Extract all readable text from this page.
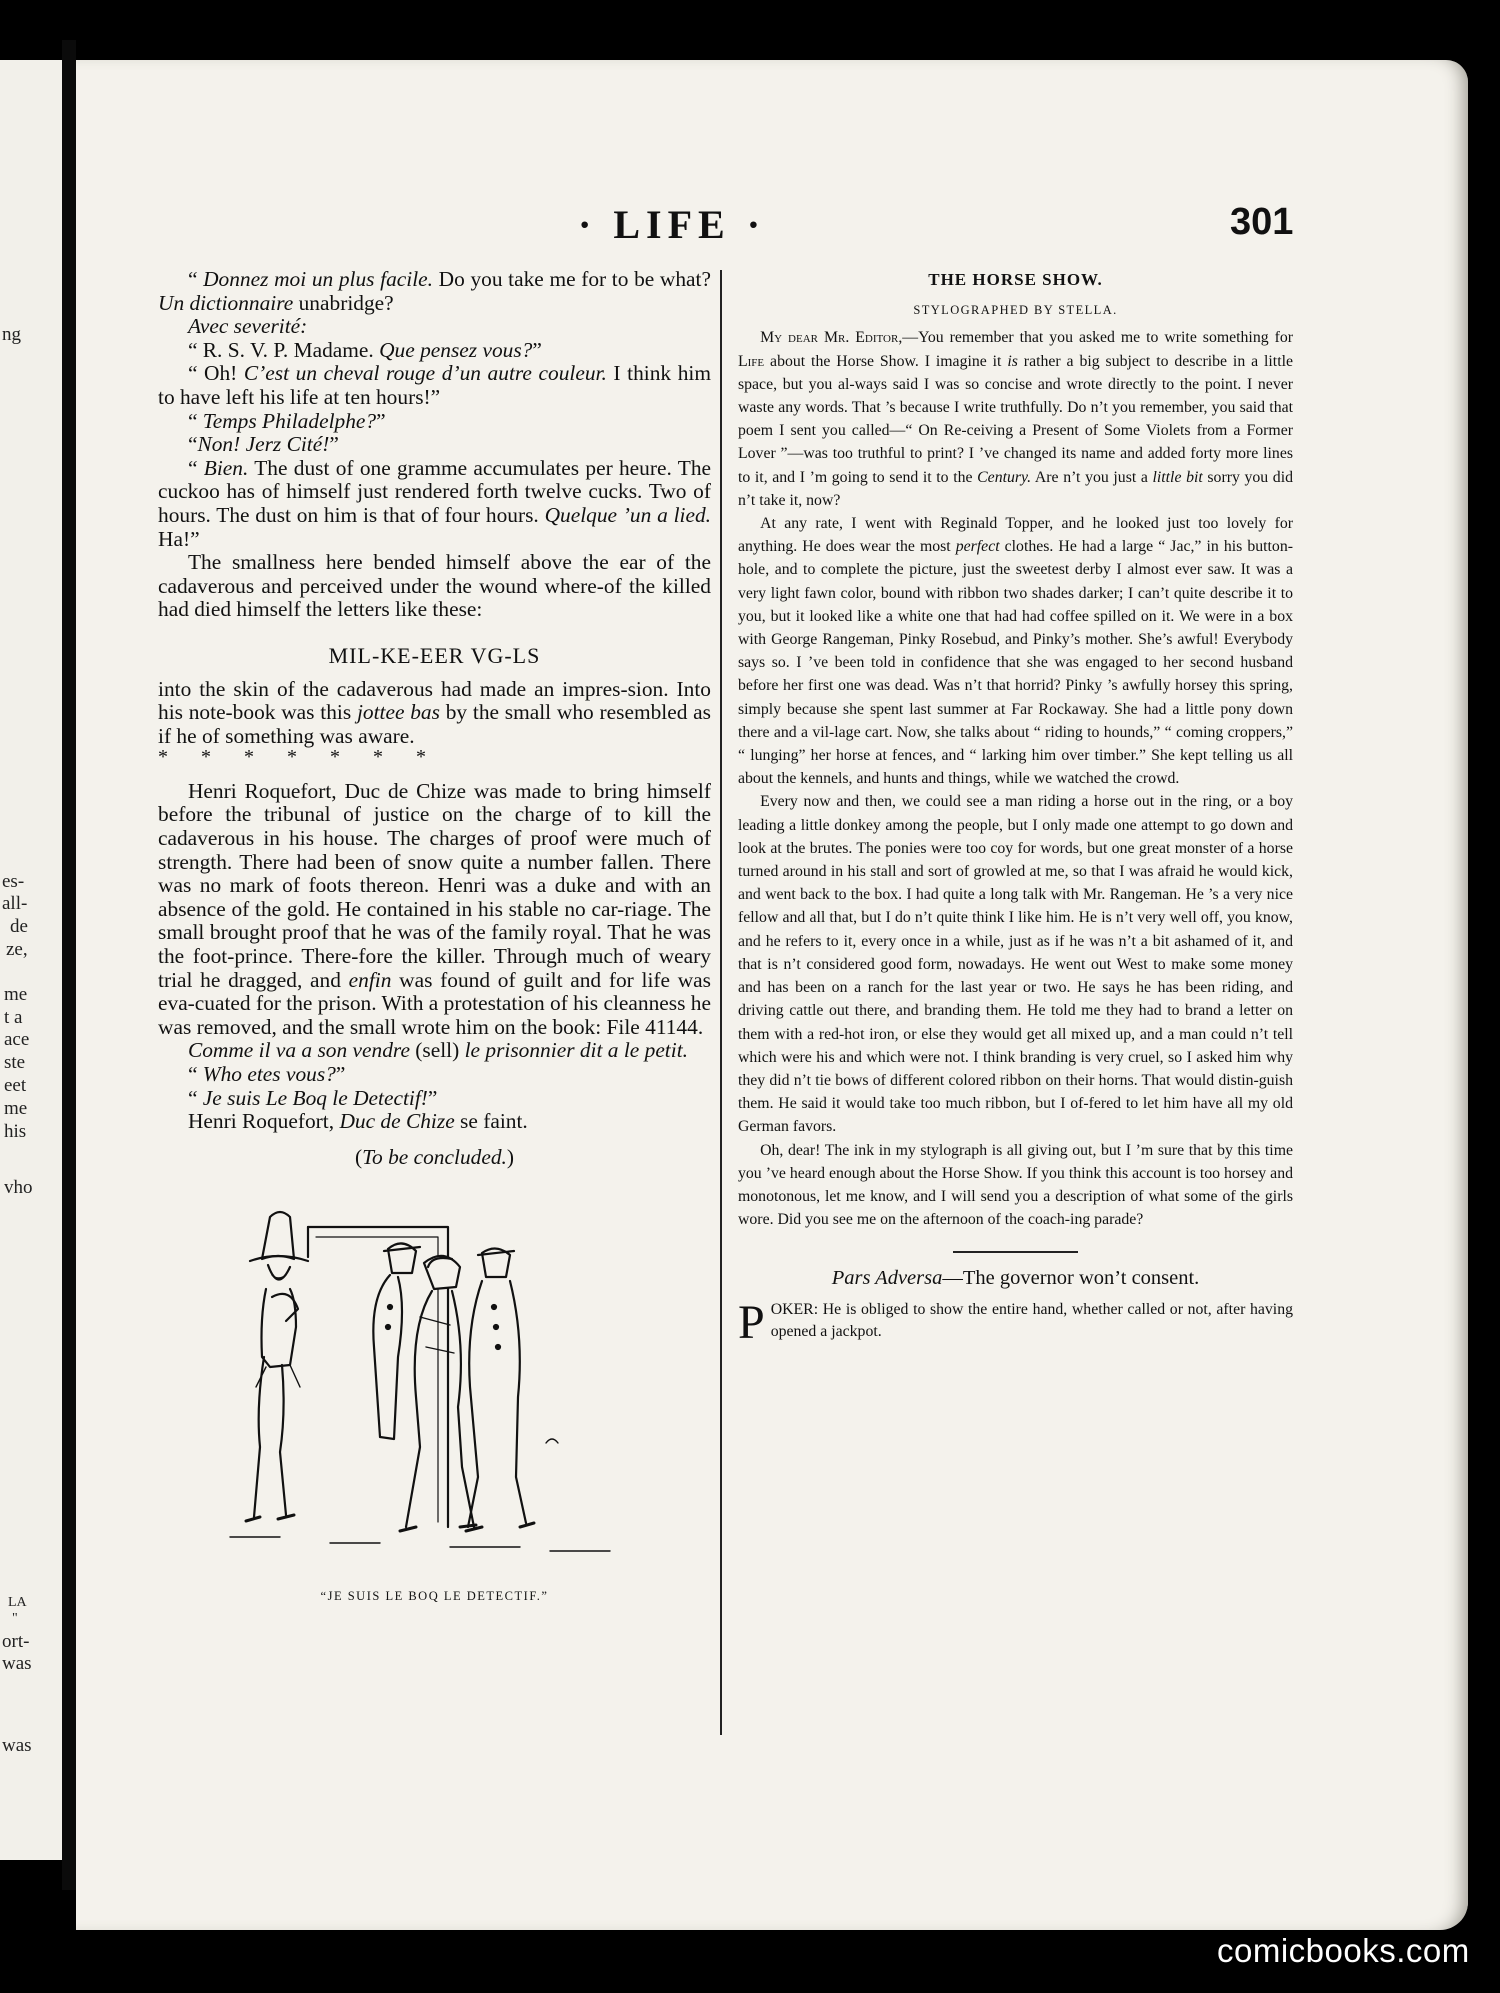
ng
es-
all-
de
ze,
me
t a
ace
ste
eet
me
his
vho
LA
"
ort-
was
was
· LIFE ·	301

“ Donnez moi un plus facile. Do you take me for to be what? Un dictionnaire unabridge?

Avec severité:

“ R. S. V. P. Madame. Que pensez vous?”

“ Oh! C’est un cheval rouge d’un autre couleur. I think him to have left his life at ten hours!”

“ Temps Philadelphe?”

“Non! Jerz Cité!”

“ Bien. The dust of one gramme accumulates per heure. The cuckoo has of himself just rendered forth twelve cucks. Two of hours. The dust on him is that of four hours. Quelque ’un a lied. Ha!”

The smallness here bended himself above the ear of the cadaverous and perceived under the wound where-of the killed had died himself the letters like these:

MIL-KE-EER VG-LS

into the skin of the cadaverous had made an impres-sion. Into his note-book was this jottee bas by the small who resembled as if he of something was aware.

* * * * * * *

Henri Roquefort, Duc de Chize was made to bring himself before the tribunal of justice on the charge of to kill the cadaverous in his house. The charges of proof were much of strength. There had been of snow quite a number fallen. There was no mark of foots thereon. Henri was a duke and with an absence of the gold. He contained in his stable no car-riage. The small brought proof that he was of the family royal. That he was the foot-prince. There-fore the killer. Through much of weary trial he dragged, and enfin was found of guilt and for life was eva-cuated for the prison. With a protestation of his cleanness he was removed, and the small wrote him on the book: File 41144.

Comme il va a son vendre (sell) le prisonnier dit a le petit.

“ Who etes vous?”

“ Je suis Le Boq le Detectif!”

Henri Roquefort, Duc de Chize se faint.

(To be concluded.)

“JE SUIS LE BOQ LE DETECTIF.”

THE HORSE SHOW.

STYLOGRAPHED BY STELLA.

My dear Mr. Editor,—You remember that you asked me to write something for Life about the Horse Show. I imagine it is rather a big subject to describe in a little space, but you al-ways said I was so concise and wrote directly to the point. I never waste any words. That ’s because I write truthfully. Do n’t you remember, you said that poem I sent you called—“ On Re-ceiving a Present of Some Violets from a Former Lover ”—was too truthful to print? I ’ve changed its name and added forty more lines to it, and I ’m going to send it to the Century. Are n’t you just a little bit sorry you did n’t take it, now?

At any rate, I went with Reginald Topper, and he looked just too lovely for anything. He does wear the most perfect clothes. He had a large “ Jac,” in his button-hole, and to complete the picture, just the sweetest derby I almost ever saw. It was a very light fawn color, bound with ribbon two shades darker; I can’t quite describe it to you, but it looked like a white one that had had coffee spilled on it. We were in a box with George Rangeman, Pinky Rosebud, and Pinky’s mother. She’s awful! Everybody says so. I ’ve been told in confidence that she was engaged to her second husband before her first one was dead. Was n’t that horrid? Pinky ’s awfully horsey this spring, simply because she spent last summer at Far Rockaway. She had a little pony down there and a vil-lage cart. Now, she talks about “ riding to hounds,” “ coming croppers,” “ lunging” her horse at fences, and “ larking him over timber.” She kept telling us all about the kennels, and hunts and things, while we watched the crowd.

Every now and then, we could see a man riding a horse out in the ring, or a boy leading a little donkey among the people, but I only made one attempt to go down and look at the brutes. The ponies were too coy for words, but one great monster of a horse turned around in his stall and sort of growled at me, so that I was afraid he would kick, and went back to the box. I had quite a long talk with Mr. Rangeman. He ’s a very nice fellow and all that, but I do n’t quite think I like him. He is n’t very well off, you know, and he refers to it, every once in a while, just as if he was n’t a bit ashamed of it, and that is n’t considered good form, nowadays. He went out West to make some money and has been on a ranch for the last year or two. He says he has been riding, and driving cattle out there, and branding them. He told me they had to brand a letter on them with a red-hot iron, or else they would get all mixed up, and a man could n’t tell which were his and which were not. I think branding is very cruel, so I asked him why they did n’t tie bows of different colored ribbon on their horns. That would distin-guish them. He said it would take too much ribbon, but I of-fered to let him have all my old German favors.

Oh, dear! The ink in my stylograph is all giving out, but I ’m sure that by this time you ’ve heard enough about the Horse Show. If you think this account is too horsey and monotonous, let me know, and I will send you a description of what some of the girls wore. Did you see me on the afternoon of the coach-ing parade?

Pars Adversa—The governor won’t consent.

POKER: He is obliged to show the entire hand, whether called or not, after having opened a jackpot.

comicbooks.com
